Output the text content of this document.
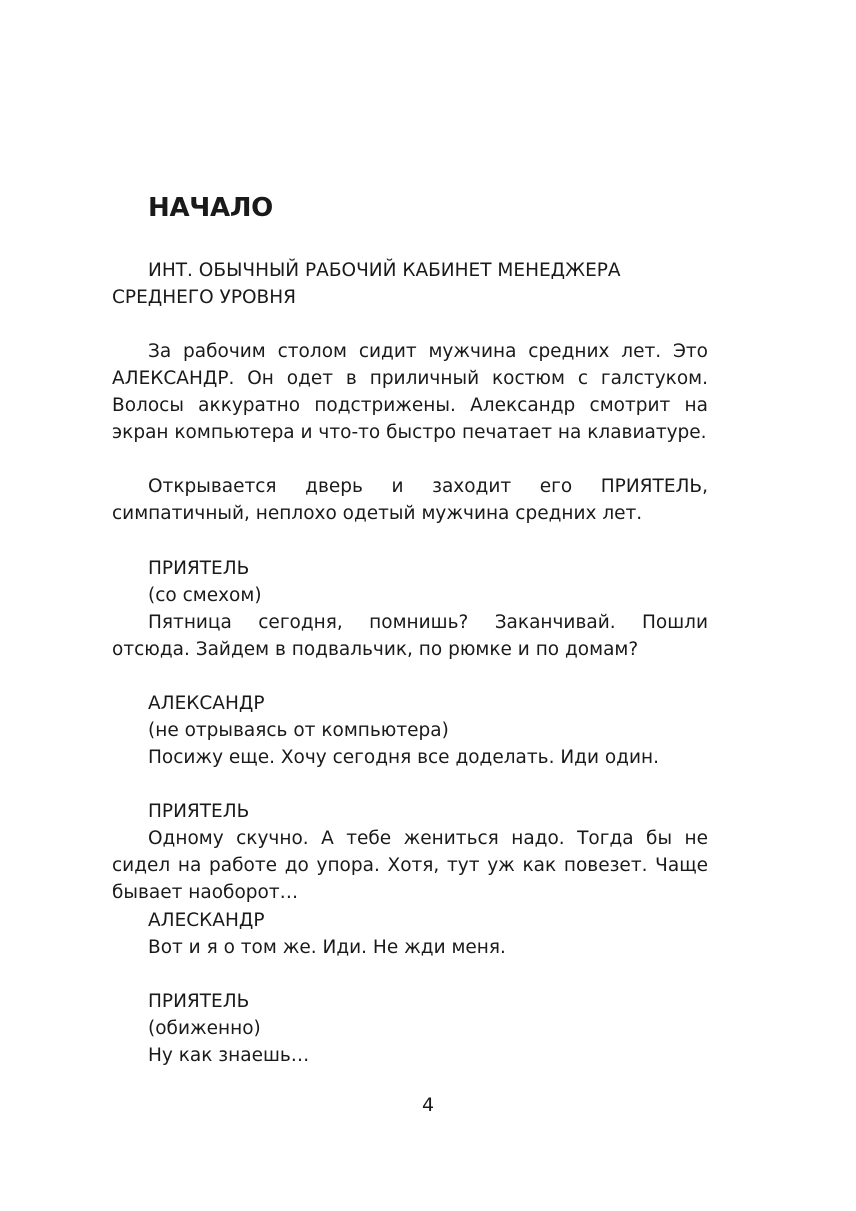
НАЧАЛО

ИНТ. ОБЫЧНЫЙ РАБОЧИЙ КАБИНЕТ МЕНЕДЖЕРА СРЕДНЕГО УРОВНЯ

За рабочим столом сидит мужчина средних лет. Это АЛЕКСАНДР. Он одет в приличный костюм с галстуком. Волосы аккуратно подстрижены. Александр смотрит на экран компьютера и что-то быстро печатает на клавиатуре.

Открывается дверь и заходит его ПРИЯТЕЛЬ, симпатичный, неплохо одетый мужчина средних лет.

ПРИЯТЕЛЬ
(со смехом)

Пятница сегодня, помнишь? Заканчивай. Пошли отсюда. Зайдем в подвальчик, по рюмке и по домам?

АЛЕКСАНДР
(не отрываясь от компьютера)
Посижу еще. Хочу сегодня все доделать. Иди один.
ПРИЯТЕЛЬ

Одному скучно. А тебе жениться надо. Тогда бы не сидел на работе до упора. Хотя, тут уж как повезет. Чаще бывает наоборот…

АЛЕСКАНДР
Вот и я о том же. Иди. Не жди меня.
ПРИЯТЕЛЬ
(обиженно)
Ну как знаешь…
4
